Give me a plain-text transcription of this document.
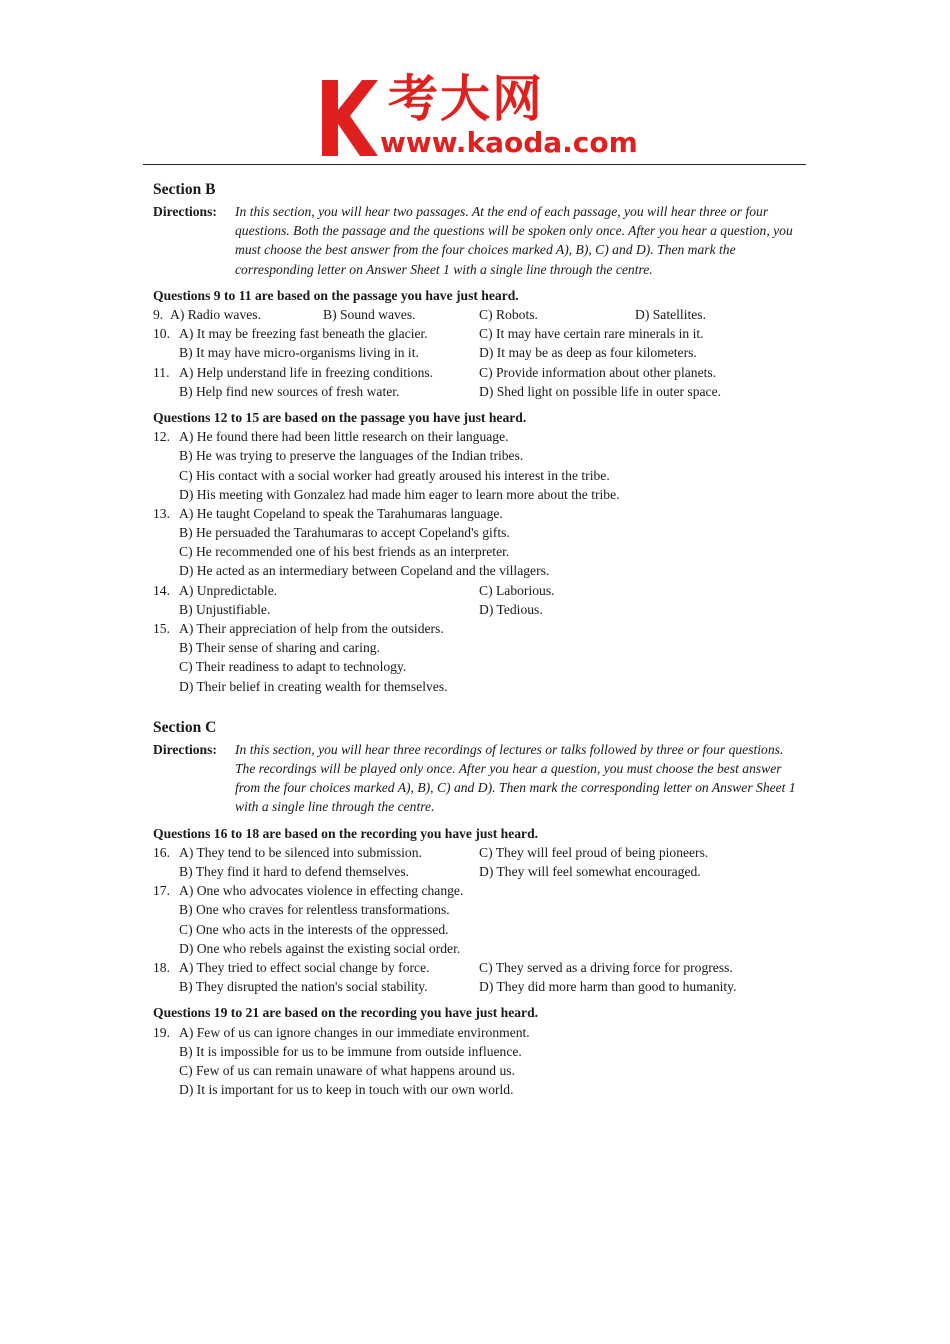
考大网
www.kaoda.com
Section B
Directions: In this section, you will hear two passages. At the end of each passage, you will hear three or four questions. Both the passage and the questions will be spoken only once. After you hear a question, you must choose the best answer from the four choices marked A), B), C) and D). Then mark the corresponding letter on Answer Sheet 1 with a single line through the centre.
Questions 9 to 11 are based on the passage you have just heard.
9. A) Radio waves.	B) Sound waves.	C) Robots.	D) Satellites.
10. A) It may be freezing fast beneath the glacier.	C) It may have certain rare minerals in it.
B) It may have micro-organisms living in it.	D) It may be as deep as four kilometers.
11. A) Help understand life in freezing conditions.	C) Provide information about other planets.
B) Help find new sources of fresh water.	D) Shed light on possible life in outer space.
Questions 12 to 15 are based on the passage you have just heard.
12. A) He found there had been little research on their language.
B) He was trying to preserve the languages of the Indian tribes.
C) His contact with a social worker had greatly aroused his interest in the tribe.
D) His meeting with Gonzalez had made him eager to learn more about the tribe.
13. A) He taught Copeland to speak the Tarahumaras language.
B) He persuaded the Tarahumaras to accept Copeland's gifts.
C) He recommended one of his best friends as an interpreter.
D) He acted as an intermediary between Copeland and the villagers.
14. A) Unpredictable.	C) Laborious.
B) Unjustifiable.	D) Tedious.
15. A) Their appreciation of help from the outsiders.
B) Their sense of sharing and caring.
C) Their readiness to adapt to technology.
D) Their belief in creating wealth for themselves.
Section C
Directions: In this section, you will hear three recordings of lectures or talks followed by three or four questions. The recordings will be played only once. After you hear a question, you must choose the best answer from the four choices marked A), B), C) and D). Then mark the corresponding letter on Answer Sheet 1 with a single line through the centre.
Questions 16 to 18 are based on the recording you have just heard.
16. A) They tend to be silenced into submission.	C) They will feel proud of being pioneers.
B) They find it hard to defend themselves.	D) They will feel somewhat encouraged.
17. A) One who advocates violence in effecting change.
B) One who craves for relentless transformations.
C) One who acts in the interests of the oppressed.
D) One who rebels against the existing social order.
18. A) They tried to effect social change by force.	C) They served as a driving force for progress.
B) They disrupted the nation's social stability.	D) They did more harm than good to humanity.
Questions 19 to 21 are based on the recording you have just heard.
19. A) Few of us can ignore changes in our immediate environment.
B) It is impossible for us to be immune from outside influence.
C) Few of us can remain unaware of what happens around us.
D) It is important for us to keep in touch with our own world.
